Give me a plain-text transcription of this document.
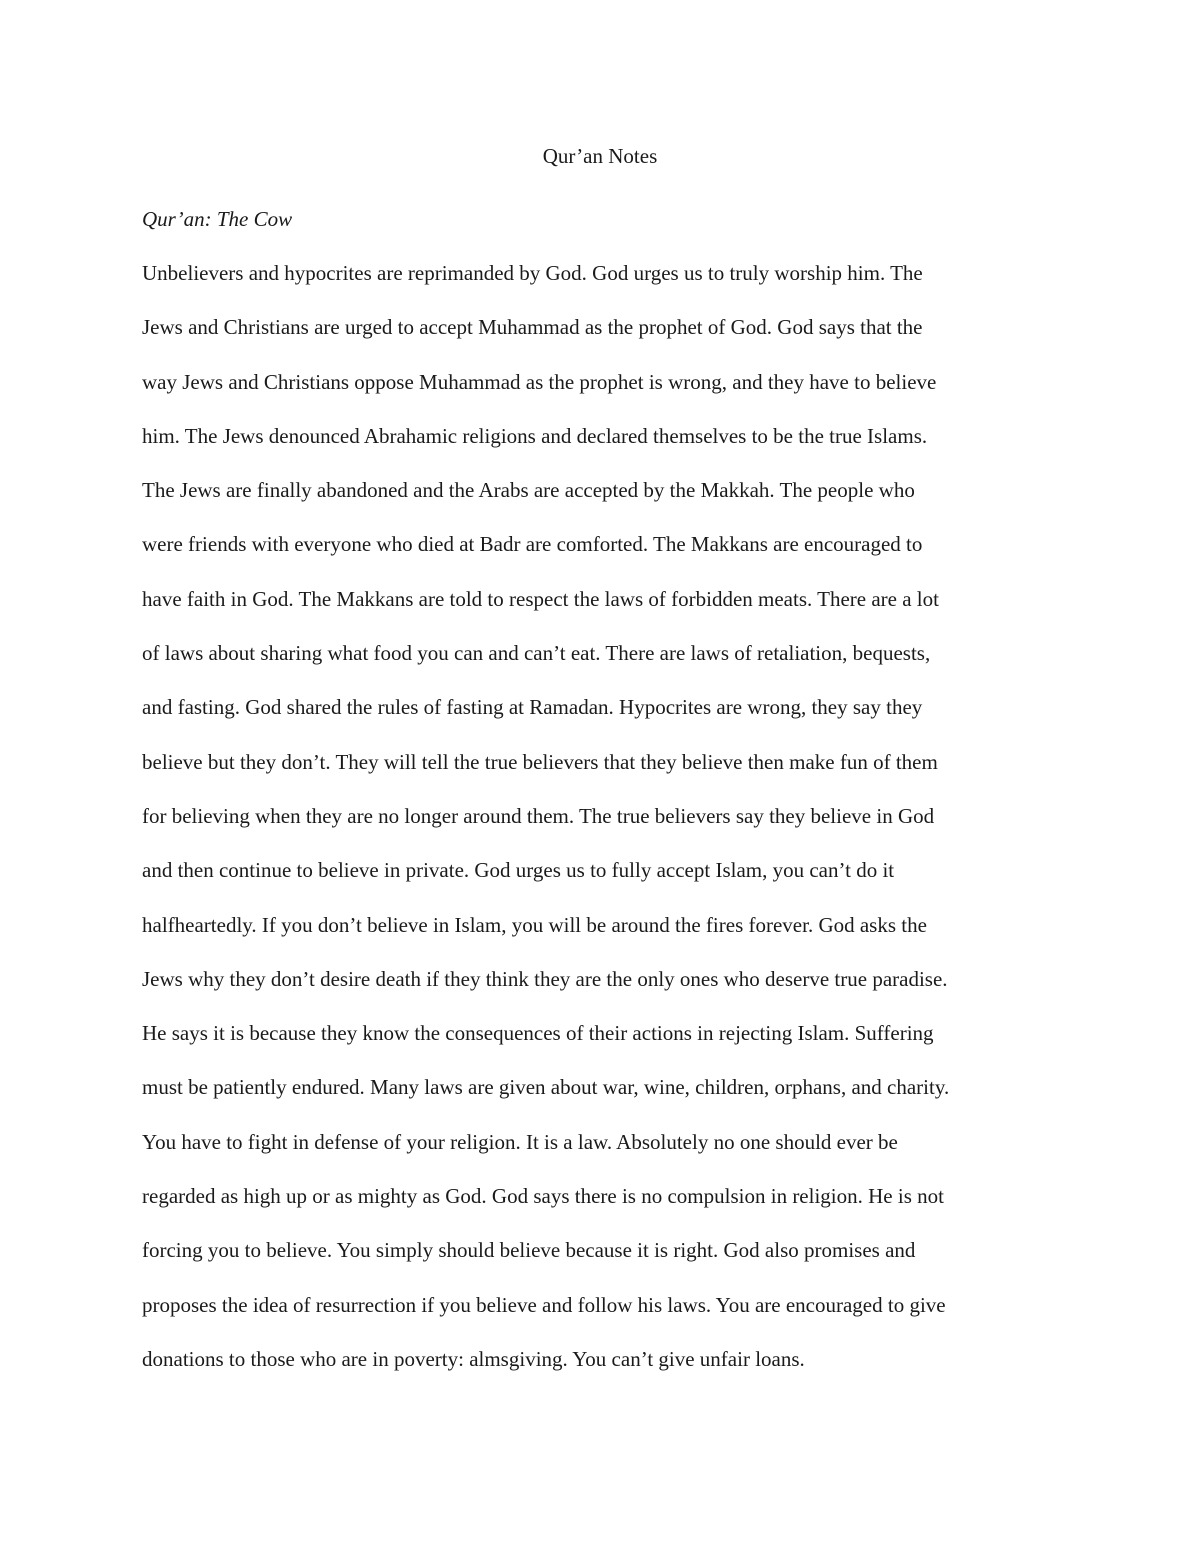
Qur’an Notes
Qur’an: The Cow
Unbelievers and hypocrites are reprimanded by God. God urges us to truly worship him. The
Jews and Christians are urged to accept Muhammad as the prophet of God. God says that the
way Jews and Christians oppose Muhammad as the prophet is wrong, and they have to believe
him. The Jews denounced Abrahamic religions and declared themselves to be the true Islams.
The Jews are finally abandoned and the Arabs are accepted by the Makkah. The people who
were friends with everyone who died at Badr are comforted. The Makkans are encouraged to
have faith in God. The Makkans are told to respect the laws of forbidden meats. There are a lot
of laws about sharing what food you can and can’t eat. There are laws of retaliation, bequests,
and fasting. God shared the rules of fasting at Ramadan. Hypocrites are wrong, they say they
believe but they don’t. They will tell the true believers that they believe then make fun of them
for believing when they are no longer around them. The true believers say they believe in God
and then continue to believe in private. God urges us to fully accept Islam, you can’t do it
halfheartedly. If you don’t believe in Islam, you will be around the fires forever. God asks the
Jews why they don’t desire death if they think they are the only ones who deserve true paradise.
He says it is because they know the consequences of their actions in rejecting Islam. Suffering
must be patiently endured. Many laws are given about war, wine, children, orphans, and charity.
You have to fight in defense of your religion. It is a law. Absolutely no one should ever be
regarded as high up or as mighty as God. God says there is no compulsion in religion. He is not
forcing you to believe. You simply should believe because it is right. God also promises and
proposes the idea of resurrection if you believe and follow his laws. You are encouraged to give
donations to those who are in poverty: almsgiving. You can’t give unfair loans.
